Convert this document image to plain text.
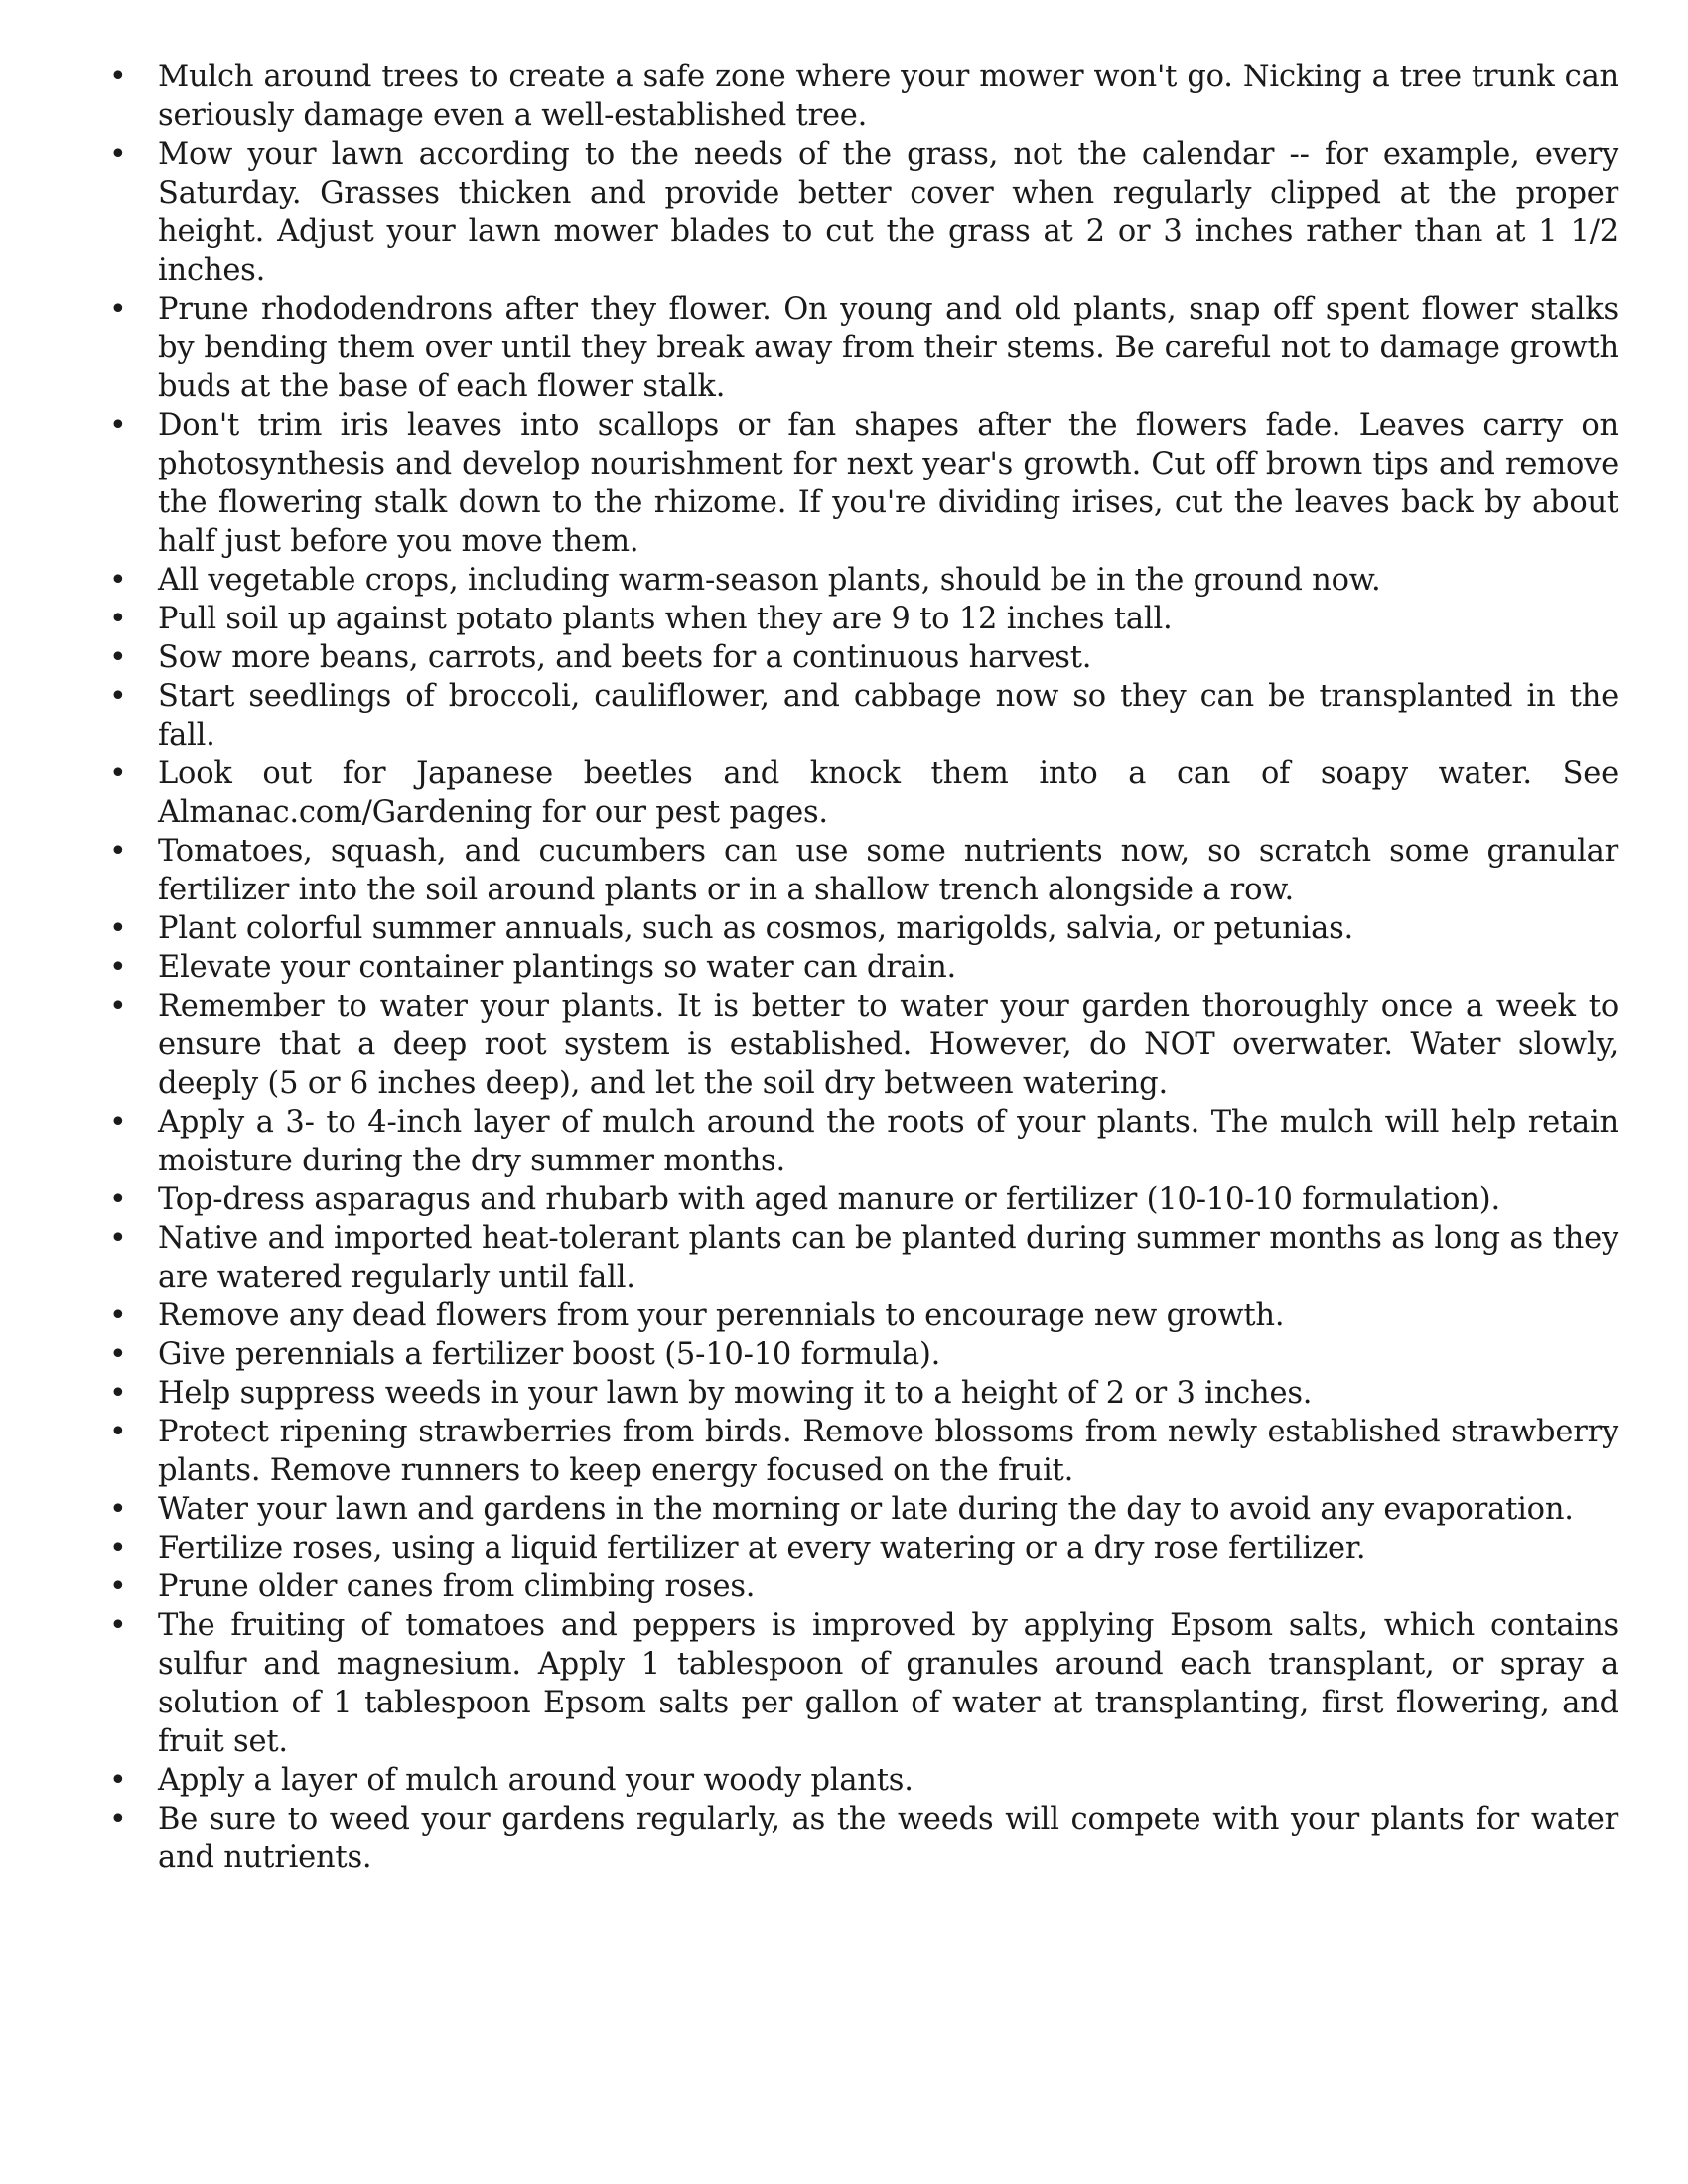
• Mulch around trees to create a safe zone where your mower won't go. Nicking a tree trunk can seriously damage even a well-established tree.
• Mow your lawn according to the needs of the grass, not the calendar -- for example, every Saturday. Grasses thicken and provide better cover when regularly clipped at the proper height. Adjust your lawn mower blades to cut the grass at 2 or 3 inches rather than at 1 1/2 inches.
• Prune rhododendrons after they flower. On young and old plants, snap off spent flower stalks by bending them over until they break away from their stems. Be careful not to damage growth buds at the base of each flower stalk.
• Don't trim iris leaves into scallops or fan shapes after the flowers fade. Leaves carry on photosynthesis and develop nourishment for next year's growth. Cut off brown tips and remove the flowering stalk down to the rhizome. If you're dividing irises, cut the leaves back by about half just before you move them.
• All vegetable crops, including warm-season plants, should be in the ground now.
• Pull soil up against potato plants when they are 9 to 12 inches tall.
• Sow more beans, carrots, and beets for a continuous harvest.
• Start seedlings of broccoli, cauliflower, and cabbage now so they can be transplanted in the fall.
• Look out for Japanese beetles and knock them into a can of soapy water. See Almanac.com/Gardening for our pest pages.
• Tomatoes, squash, and cucumbers can use some nutrients now, so scratch some granular fertilizer into the soil around plants or in a shallow trench alongside a row.
• Plant colorful summer annuals, such as cosmos, marigolds, salvia, or petunias.
• Elevate your container plantings so water can drain.
• Remember to water your plants. It is better to water your garden thoroughly once a week to ensure that a deep root system is established. However, do NOT overwater. Water slowly, deeply (5 or 6 inches deep), and let the soil dry between watering.
• Apply a 3- to 4-inch layer of mulch around the roots of your plants. The mulch will help retain moisture during the dry summer months.
• Top-dress asparagus and rhubarb with aged manure or fertilizer (10-10-10 formulation).
• Native and imported heat-tolerant plants can be planted during summer months as long as they are watered regularly until fall.
• Remove any dead flowers from your perennials to encourage new growth.
• Give perennials a fertilizer boost (5-10-10 formula).
• Help suppress weeds in your lawn by mowing it to a height of 2 or 3 inches.
• Protect ripening strawberries from birds. Remove blossoms from newly established strawberry plants. Remove runners to keep energy focused on the fruit.
• Water your lawn and gardens in the morning or late during the day to avoid any evaporation.
• Fertilize roses, using a liquid fertilizer at every watering or a dry rose fertilizer.
• Prune older canes from climbing roses.
• The fruiting of tomatoes and peppers is improved by applying Epsom salts, which contains sulfur and magnesium. Apply 1 tablespoon of granules around each transplant, or spray a solution of 1 tablespoon Epsom salts per gallon of water at transplanting, first flowering, and fruit set.
• Apply a layer of mulch around your woody plants.
• Be sure to weed your gardens regularly, as the weeds will compete with your plants for water and nutrients.
